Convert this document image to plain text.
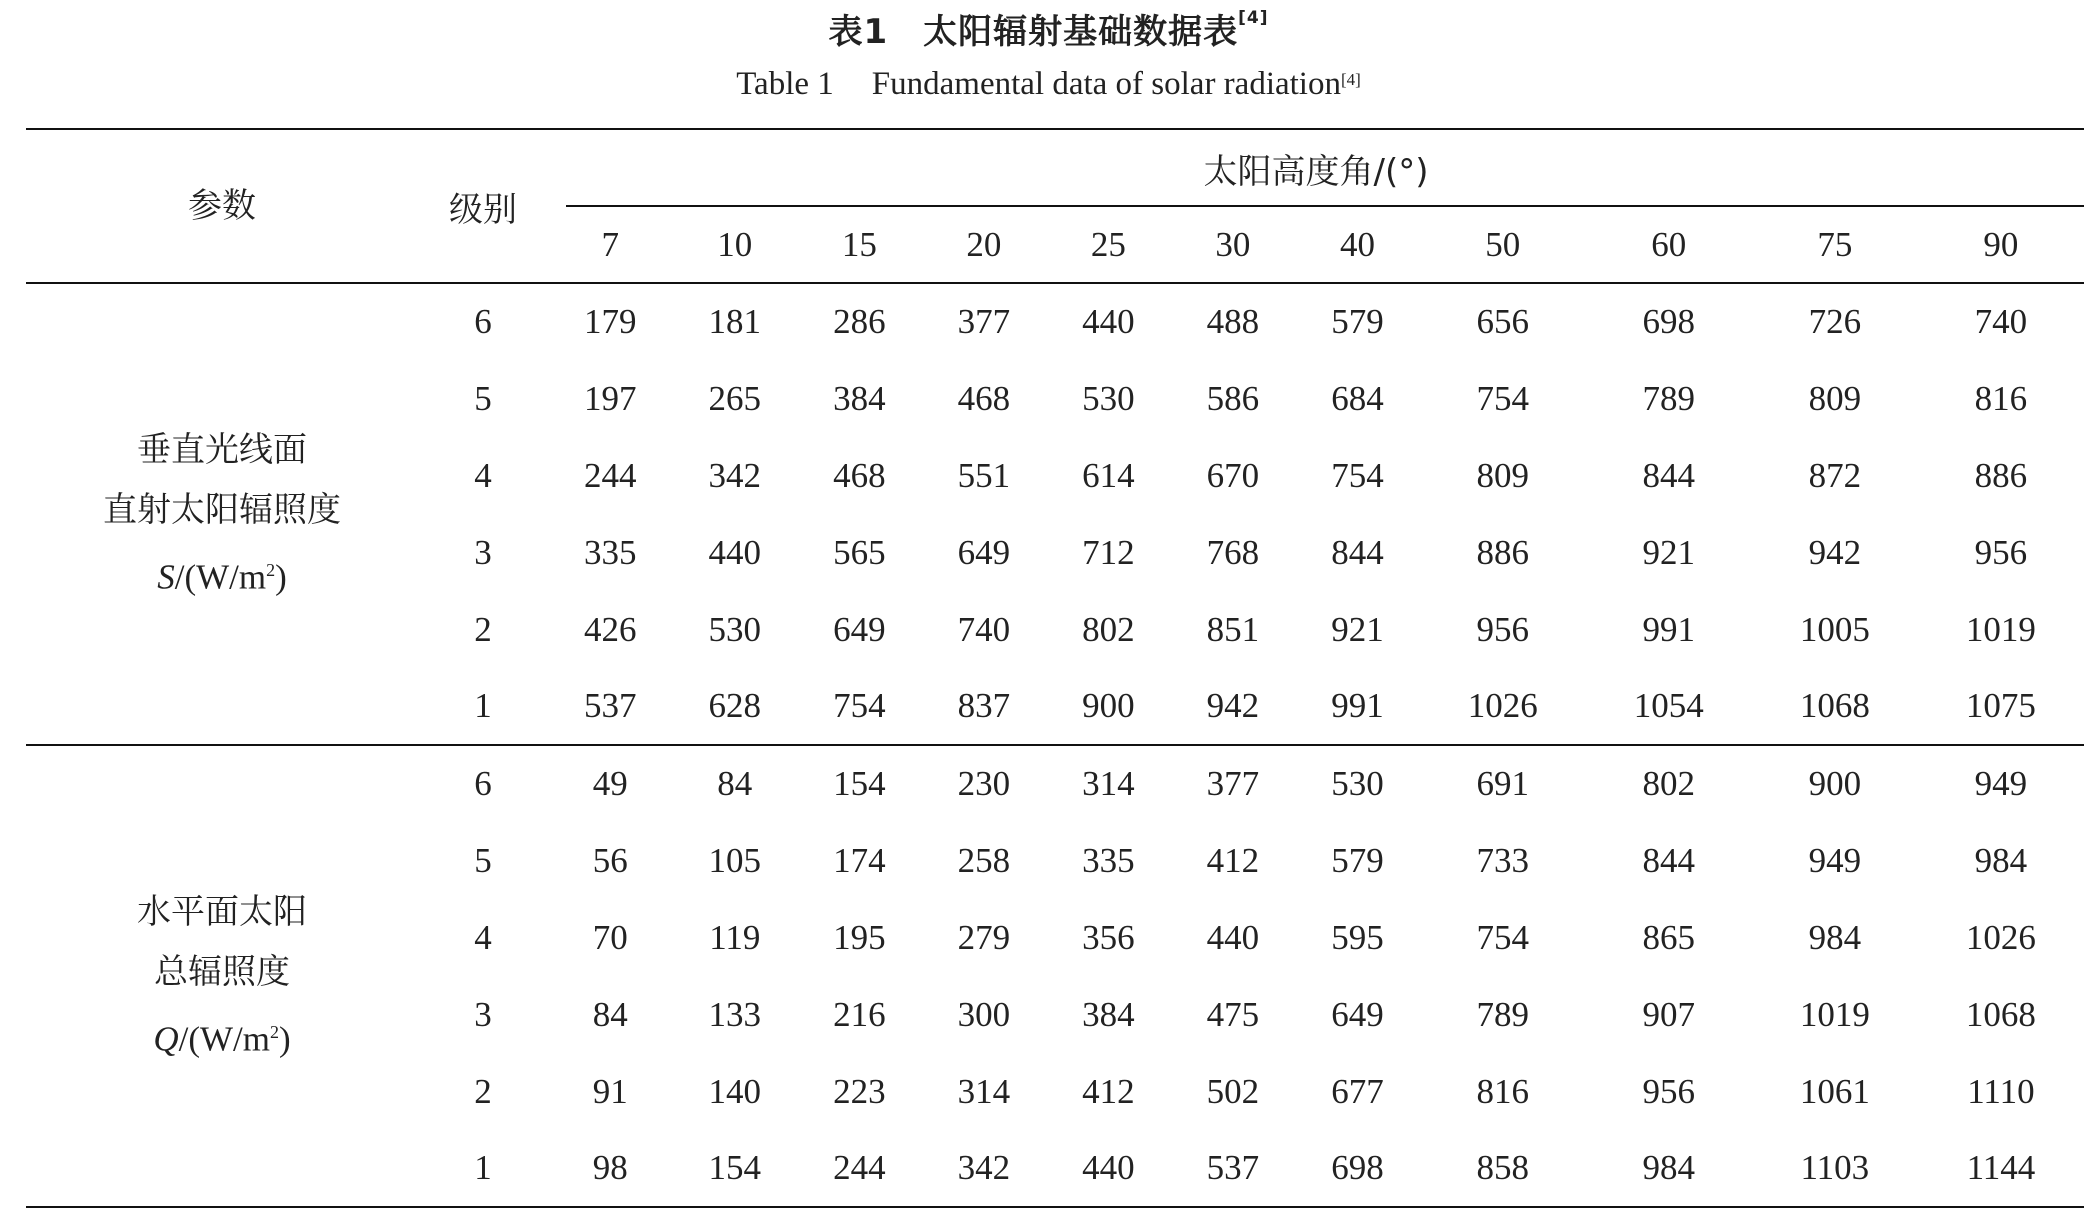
表1　太阳辐射基础数据表[4]
Table 1 Fundamental data of solar radiation[4]
参数	级别	太阳高度角/(°)										

		7	10	15	20	25	30	40	50	60	75	90

垂直光线面
直射太阳辐照度
$S/(W/m^2)$	6	179	181	286	377	440	488	579	656	698	726	740
	5	197	265	384	468	530	586	684	754	789	809	816
	4	244	342	468	551	614	670	754	809	844	872	886
	3	335	440	565	649	712	768	844	886	921	942	956
	2	426	530	649	740	802	851	921	956	991	1005	1019
	1	537	628	754	837	900	942	991	1026	1054	1068	1075

水平面太阳
总辐照度
$Q/(W/m^2)$	6	49	84	154	230	314	377	530	691	802	900	949
	5	56	105	174	258	335	412	579	733	844	949	984
	4	70	119	195	279	356	440	595	754	865	984	1026
	3	84	133	216	300	384	475	649	789	907	1019	1068
	2	91	140	223	314	412	502	677	816	956	1061	1110
	1	98	154	244	342	440	537	698	858	984	1103	1144
